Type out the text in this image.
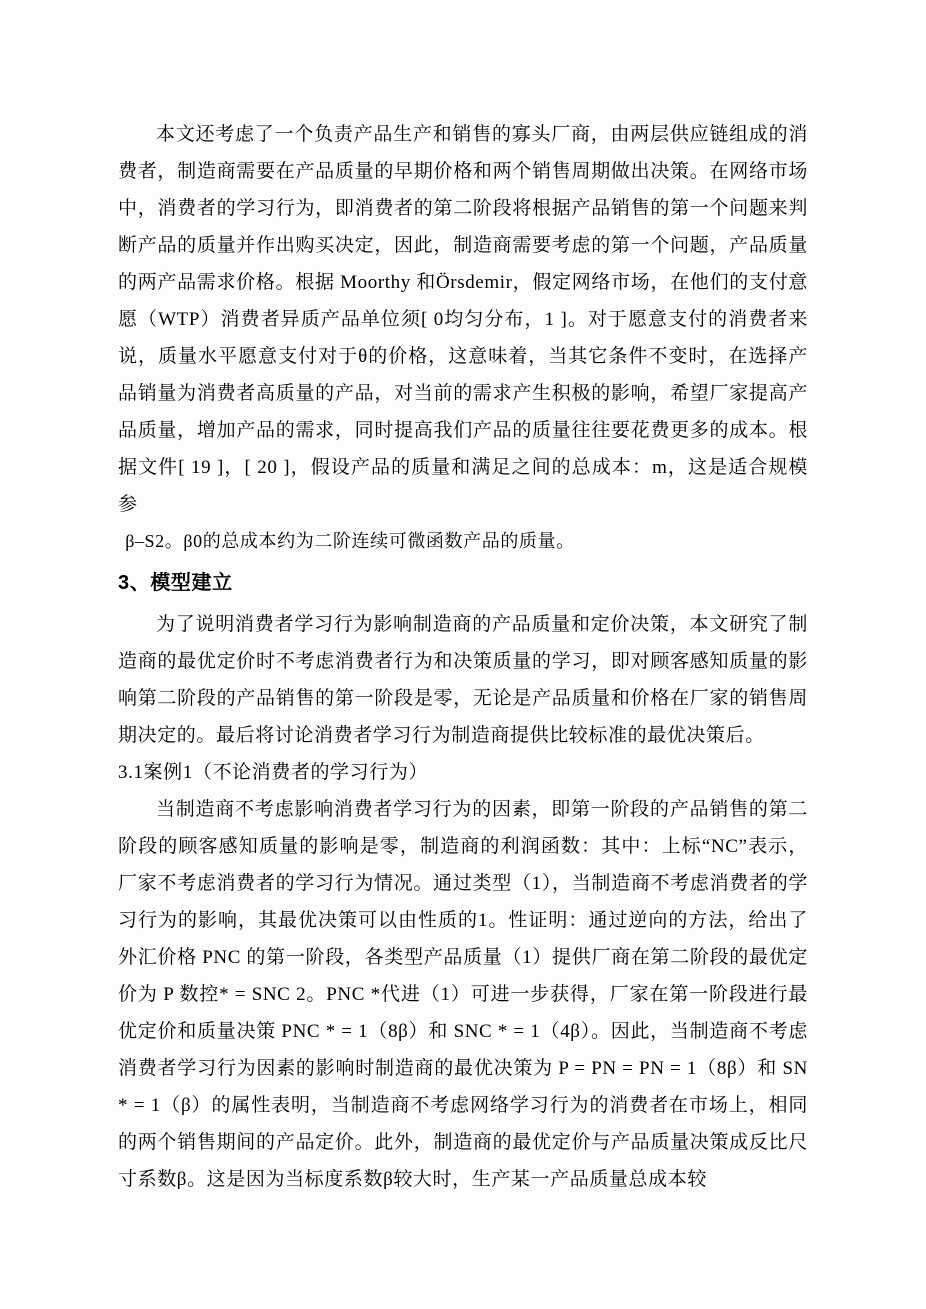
本文还考虑了一个负责产品生产和销售的寡头厂商，由两层供应链组成的消费者，制造商需要在产品质量的早期价格和两个销售周期做出决策。在网络市场中，消费者的学习行为，即消费者的第二阶段将根据产品销售的第一个问题来判断产品的质量并作出购买决定，因此，制造商需要考虑的第一个问题，产品质量的两产品需求价格。根据 Moorthy 和Örsdemir，假定网络市场，在他们的支付意愿（WTP）消费者异质产品单位须[ 0均匀分布，1 ]。对于愿意支付的消费者来说，质量水平愿意支付对于θ的价格，这意味着，当其它条件不变时，在选择产品销量为消费者高质量的产品，对当前的需求产生积极的影响，希望厂家提高产品质量，增加产品的需求，同时提高我们产品的质量往往要花费更多的成本。根据文件[ 19 ]，[ 20 ]，假设产品的质量和满足之间的总成本：m，这是适合规模参

β–S2。β0的总成本约为二阶连续可微函数产品的质量。

3、模型建立

为了说明消费者学习行为影响制造商的产品质量和定价决策，本文研究了制造商的最优定价时不考虑消费者行为和决策质量的学习，即对顾客感知质量的影响第二阶段的产品销售的第一阶段是零，无论是产品质量和价格在厂家的销售周期决定的。最后将讨论消费者学习行为制造商提供比较标准的最优决策后。

3.1案例1（不论消费者的学习行为）

当制造商不考虑影响消费者学习行为的因素，即第一阶段的产品销售的第二阶段的顾客感知质量的影响是零，制造商的利润函数：其中：上标“NC”表示，厂家不考虑消费者的学习行为情况。通过类型（1），当制造商不考虑消费者的学习行为的影响，其最优决策可以由性质的1。性证明：通过逆向的方法，给出了外汇价格 PNC 的第一阶段，各类型产品质量（1）提供厂商在第二阶段的最优定价为 P 数控* = SNC 2。PNC *代进（1）可进一步获得，厂家在第一阶段进行最优定价和质量决策 PNC * = 1（8β）和 SNC * = 1（4β）。因此，当制造商不考虑消费者学习行为因素的影响时制造商的最优决策为 P = PN = PN = 1（8β）和 SN * = 1（β）的属性表明，当制造商不考虑网络学习行为的消费者在市场上，相同的两个销售期间的产品定价。此外，制造商的最优定价与产品质量决策成反比尺寸系数β。这是因为当标度系数β较大时，生产某一产品质量总成本较
